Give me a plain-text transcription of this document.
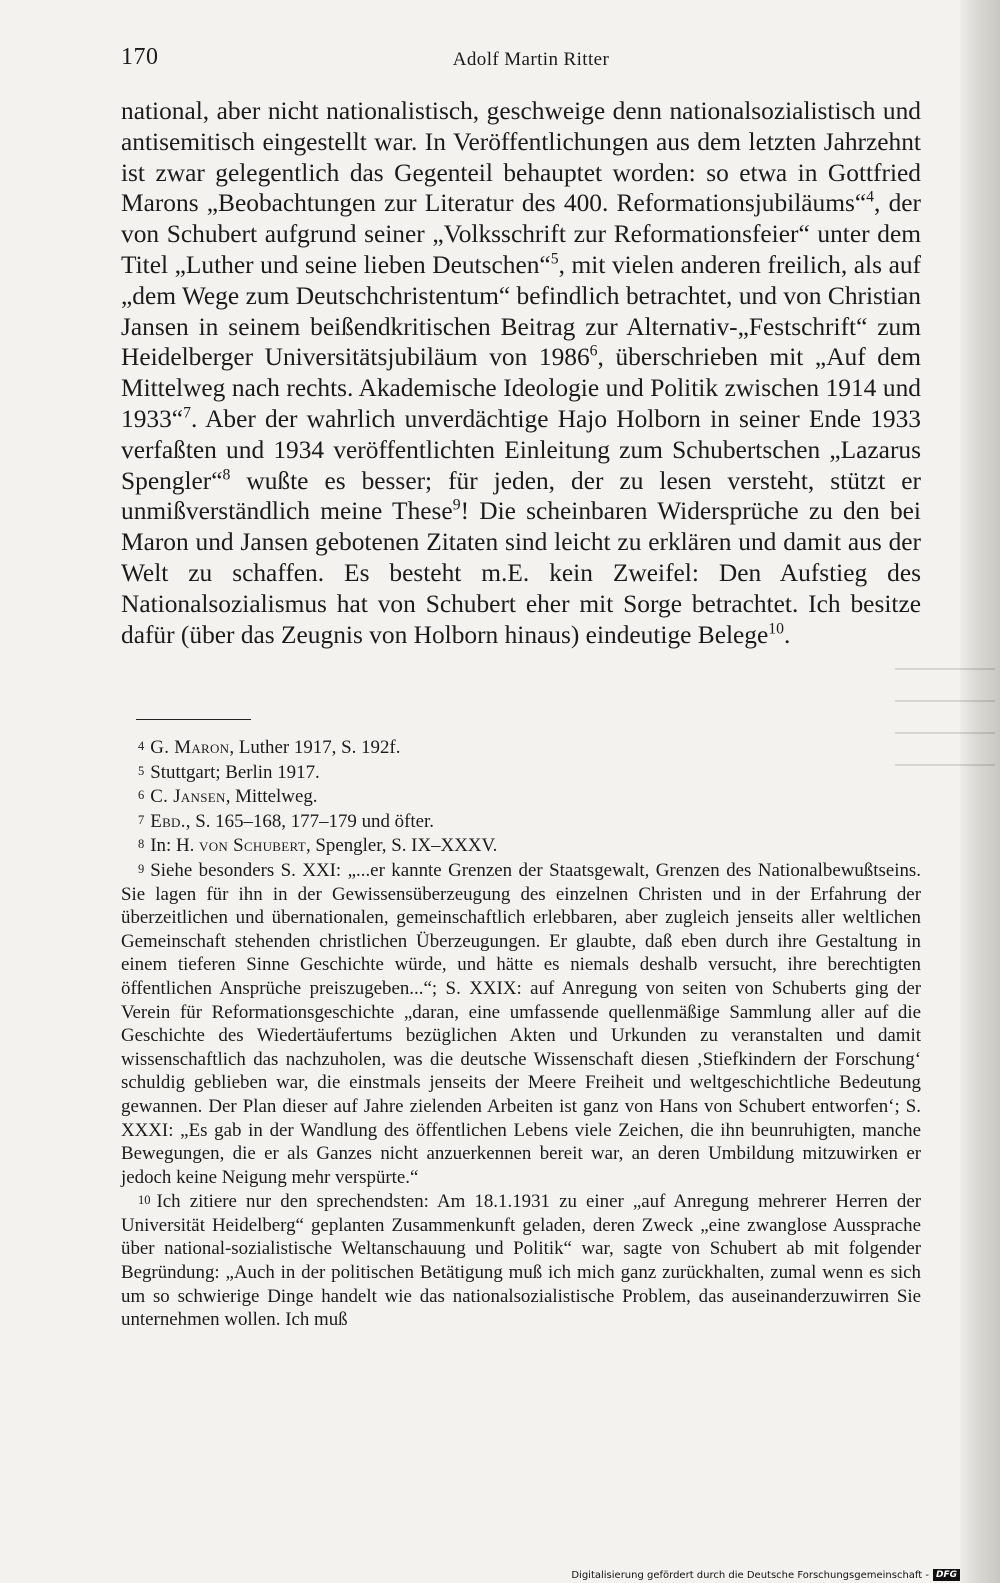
170	Adolf Martin Ritter

national, aber nicht nationalistisch, geschweige denn nationalsozialistisch und antisemitisch eingestellt war. In Veröffentlichungen aus dem letzten Jahrzehnt ist zwar gelegentlich das Gegenteil behauptet worden: so etwa in Gottfried Marons „Beobachtungen zur Literatur des 400. Reformationsjubiläums“$^4$, der von Schubert aufgrund seiner „Volksschrift zur Reformationsfeier“ unter dem Titel „Luther und seine lieben Deutschen“$^5$, mit vielen anderen freilich, als auf „dem Wege zum Deutschchristentum“ befindlich betrachtet, und von Christian Jansen in seinem beißendkritischen Beitrag zur Alternativ-„Festschrift“ zum Heidelberger Universitätsjubiläum von 1986$^6$, überschrieben mit „Auf dem Mittelweg nach rechts. Akademische Ideologie und Politik zwischen 1914 und 1933“$^7$. Aber der wahrlich unverdächtige Hajo Holborn in seiner Ende 1933 verfaßten und 1934 veröffentlichten Einleitung zum Schubertschen „Lazarus Spengler“$^8$ wußte es besser; für jeden, der zu lesen versteht, stützt er unmißverständlich meine These$^9$! Die scheinbaren Widersprüche zu den bei Maron und Jansen gebotenen Zitaten sind leicht zu erklären und damit aus der Welt zu schaffen. Es besteht m.E. kein Zweifel: Den Aufstieg des Nationalsozialismus hat von Schubert eher mit Sorge betrachtet. Ich besitze dafür (über das Zeugnis von Holborn hinaus) eindeutige Belege$^{10}$.

4 G. Maron, Luther 1917, S. 192f.

5 Stuttgart; Berlin 1917.

6 C. Jansen, Mittelweg.

7 Ebd., S. 165–168, 177–179 und öfter.

8 In: H. von Schubert, Spengler, S. IX–XXXV.

9 Siehe besonders S. XXI: „...er kannte Grenzen der Staatsgewalt, Grenzen des Nationalbewußtseins. Sie lagen für ihn in der Gewissensüberzeugung des einzelnen Christen und in der Erfahrung der überzeitlichen und übernationalen, gemeinschaftlich erlebbaren, aber zugleich jenseits aller weltlichen Gemeinschaft stehenden christlichen Überzeugungen. Er glaubte, daß eben durch ihre Gestaltung in einem tieferen Sinne Geschichte würde, und hätte es niemals deshalb versucht, ihre berechtigten öffentlichen Ansprüche preiszugeben...“; S. XXIX: auf Anregung von seiten von Schuberts ging der Verein für Reformationsgeschichte „daran, eine umfassende quellenmäßige Sammlung aller auf die Geschichte des Wiedertäufertums bezüglichen Akten und Urkunden zu veranstalten und damit wissenschaftlich das nachzuholen, was die deutsche Wissenschaft diesen ‚Stiefkindern der Forschung‘ schuldig geblieben war, die einstmals jenseits der Meere Freiheit und weltgeschichtliche Bedeutung gewannen. Der Plan dieser auf Jahre zielenden Arbeiten ist ganz von Hans von Schubert entworfen‘; S. XXXI: „Es gab in der Wandlung des öffentlichen Lebens viele Zeichen, die ihn beunruhigten, manche Bewegungen, die er als Ganzes nicht anzuerkennen bereit war, an deren Umbildung mitzuwirken er jedoch keine Neigung mehr verspürte.“

10 Ich zitiere nur den sprechendsten: Am 18.1.1931 zu einer „auf Anregung mehrerer Herren der Universität Heidelberg“ geplanten Zusammenkunft geladen, deren Zweck „eine zwanglose Aussprache über national-sozialistische Weltanschauung und Politik“ war, sagte von Schubert ab mit folgender Begründung: „Auch in der politischen Betätigung muß ich mich ganz zurückhalten, zumal wenn es sich um so schwierige Dinge handelt wie das nationalsozialistische Problem, das auseinanderzuwirren Sie unternehmen wollen. Ich muß

Digitalisierung gefördert durch die Deutsche Forschungsgemeinschaft - DFG
